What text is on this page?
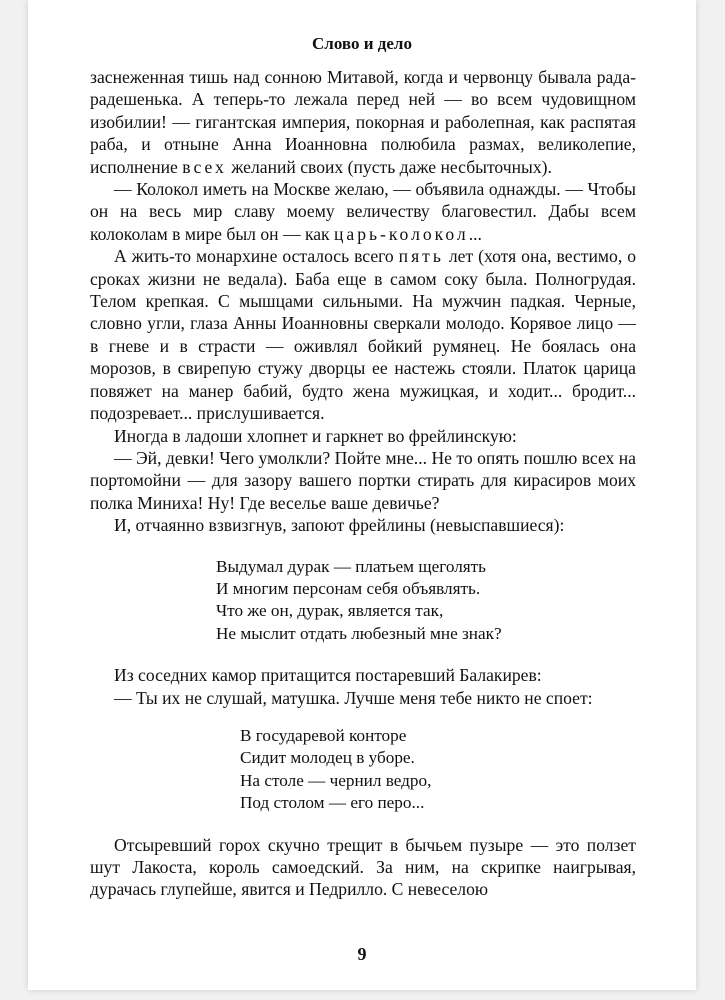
Слово и дело

заснеженная тишь над сонною Митавой, когда и червонцу бывала рада-радешенька. А теперь-то лежала перед ней — во всем чудовищном изобилии! — гигантская империя, покорная и раболепная, как распятая раба, и отныне Анна Иоанновна полюбила размах, великолепие, исполнение всех желаний своих (пусть даже несбыточных).

— Колокол иметь на Москве желаю, — объявила однажды. — Чтобы он на весь мир славу моему величеству благовестил. Дабы всем колоколам в мире был он — как царь-колокол...

А жить-то монархине осталось всего пять лет (хотя она, вестимо, о сроках жизни не ведала). Баба еще в самом соку была. Полногрудая. Телом крепкая. С мышцами сильными. На мужчин падкая. Черные, словно угли, глаза Анны Иоанновны сверкали молодо. Корявое лицо — в гневе и в страсти — оживлял бойкий румянец. Не боялась она морозов, в свирепую стужу дворцы ее настежь стояли. Платок царица повяжет на манер бабий, будто жена мужицкая, и ходит... бродит... подозревает... прислушивается.

Иногда в ладоши хлопнет и гаркнет во фрейлинскую:

— Эй, девки! Чего умолкли? Пойте мне... Не то опять пошлю всех на портомойни — для зазору вашего портки стирать для кирасиров моих полка Миниха! Ну! Где веселье ваше девичье?

И, отчаянно взвизгнув, запоют фрейлины (невыспавшиеся):

Выдумал дурак — платьем щеголять
И многим персонам себя объявлять.
Что же он, дурак, является так,
Не мыслит отдать любезный мне знак?

Из соседних камор притащится постаревший Балакирев:

— Ты их не слушай, матушка. Лучше меня тебе никто не споет:

В государевой конторе
Сидит молодец в уборе.
На столе — чернил ведро,
Под столом — его перо...

Отсыревший горох скучно трещит в бычьем пузыре — это ползет шут Лакоста, король самоедский. За ним, на скрипке наигрывая, дурачась глупейше, явится и Педрилло. С невеселою

9
